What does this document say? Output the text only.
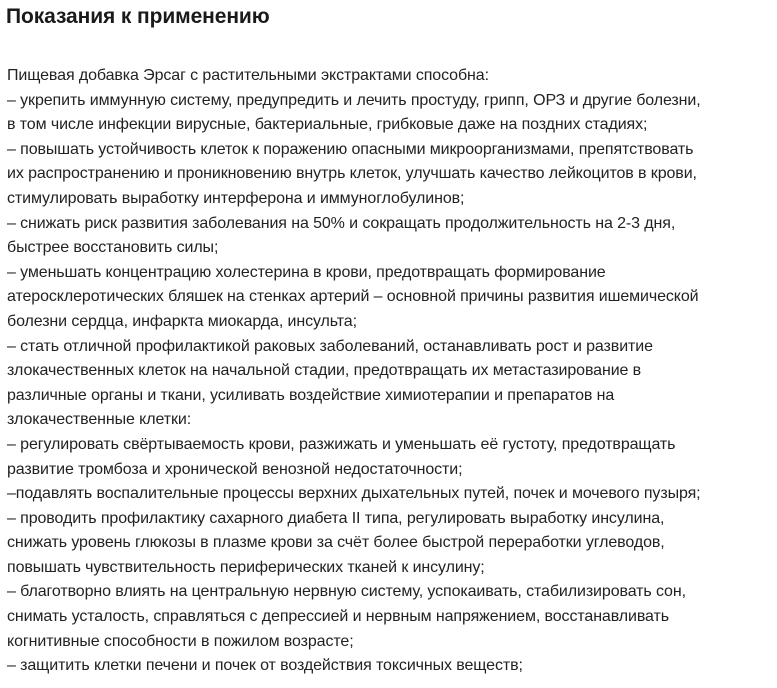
Показания к применению
Пищевая добавка Эрсаг с растительными экстрактами способна:
– укрепить иммунную систему, предупредить и лечить простуду, грипп, ОРЗ и другие болезни,
в том числе инфекции вирусные, бактериальные, грибковые даже на поздних стадиях;
– повышать устойчивость клеток к поражению опасными микроорганизмами, препятствовать
их распространению и проникновению внутрь клеток, улучшать качество лейкоцитов в крови,
стимулировать выработку интерферона и иммуноглобулинов;
– снижать риск развития заболевания на 50% и сокращать продолжительность на 2-3 дня,
быстрее восстановить силы;
– уменьшать концентрацию холестерина в крови, предотвращать формирование
атеросклеротических бляшек на стенках артерий – основной причины развития ишемической
болезни сердца, инфаркта миокарда, инсульта;
– стать отличной профилактикой раковых заболеваний, останавливать рост и развитие
злокачественных клеток на начальной стадии, предотвращать их метастазирование в
различные органы и ткани, усиливать воздействие химиотерапии и препаратов на
злокачественные клетки:
– регулировать свёртываемость крови, разжижать и уменьшать её густоту, предотвращать
развитие тромбоза и хронической венозной недостаточности;
–подавлять воспалительные процессы верхних дыхательных путей, почек и мочевого пузыря;
– проводить профилактику сахарного диабета II типа, регулировать выработку инсулина,
снижать уровень глюкозы в плазме крови за счёт более быстрой переработки углеводов,
повышать чувствительность периферических тканей к инсулину;
– благотворно влиять на центральную нервную систему, успокаивать, стабилизировать сон,
снимать усталость, справляться с депрессией и нервным напряжением, восстанавливать
когнитивные способности в пожилом возрасте;
– защитить клетки печени и почек от воздействия токсичных веществ;
